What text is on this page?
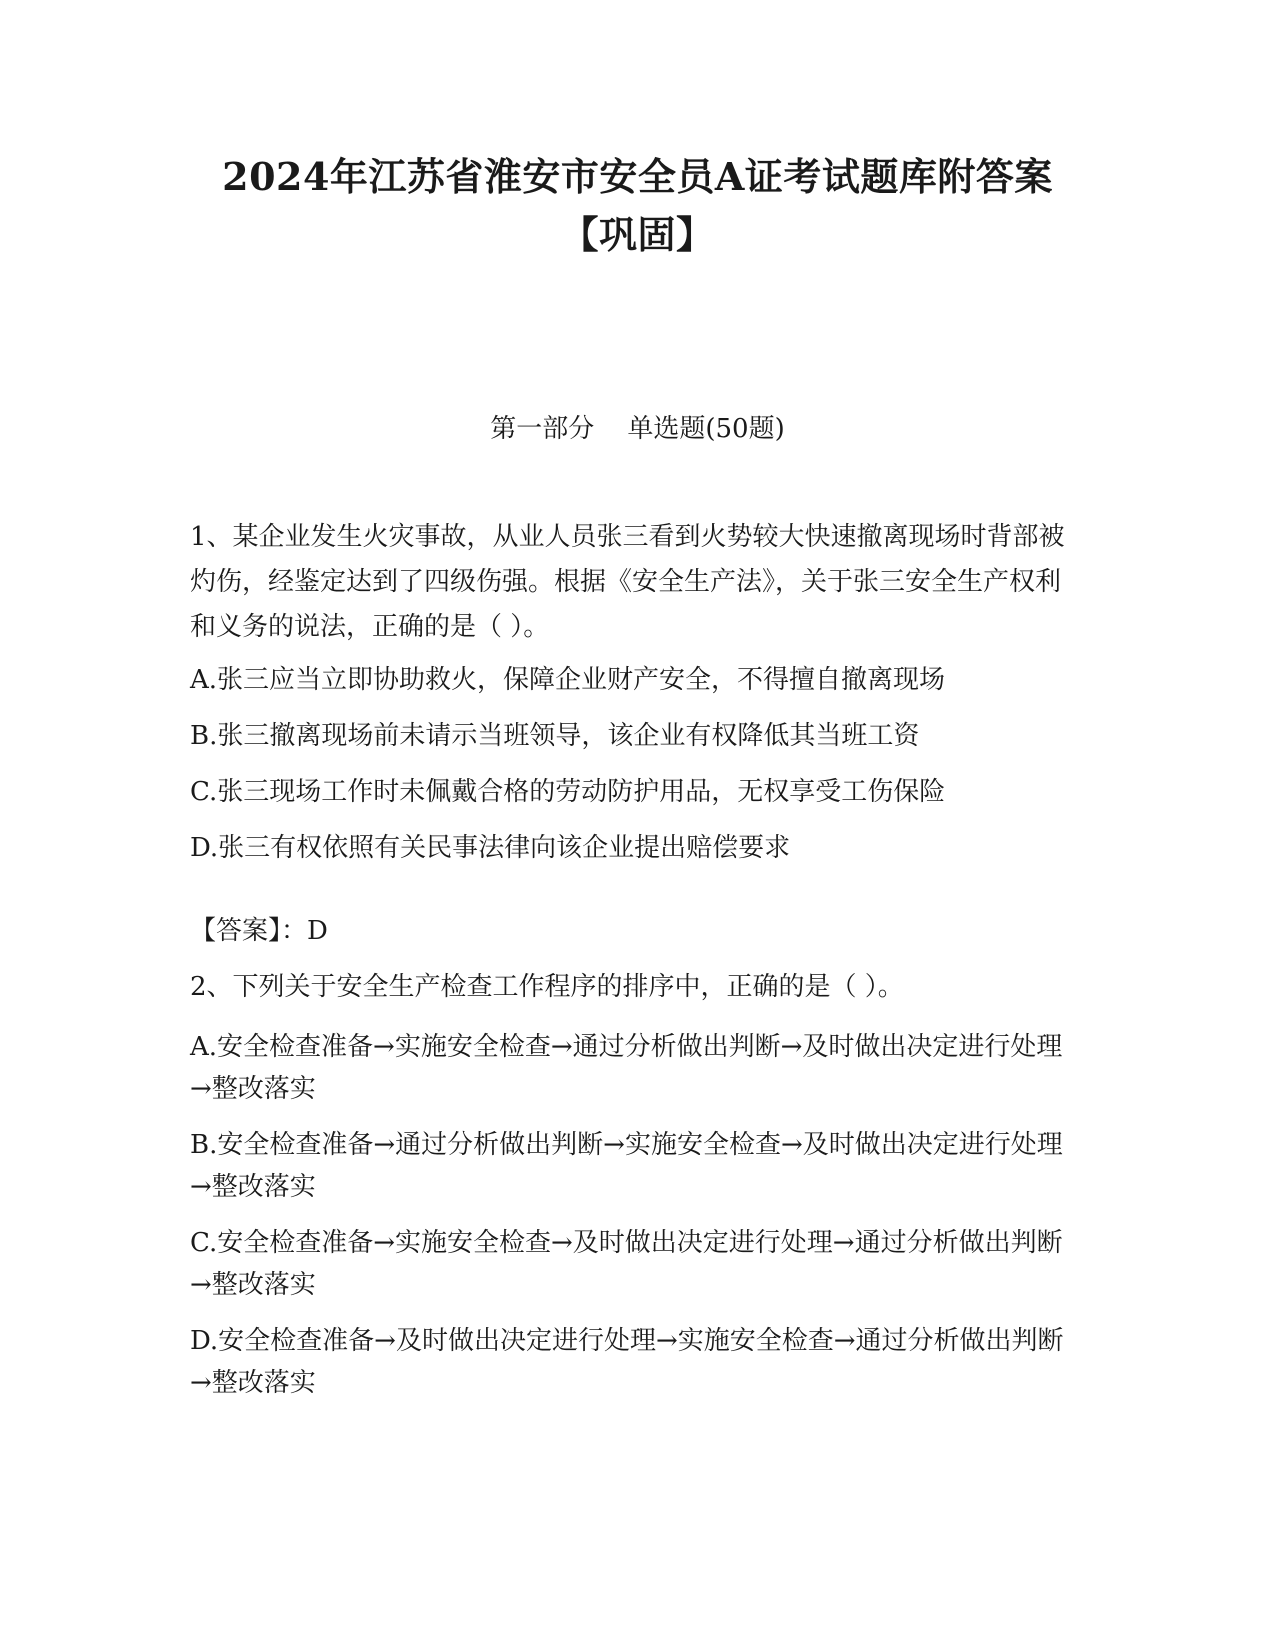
2024年江苏省淮安市安全员A证考试题库附答案
【巩固】
第一部分    单选题(50题)
1、某企业发生火灾事故，从业人员张三看到火势较大快速撤离现场时背部被灼伤，经鉴定达到了四级伤强。根据《安全生产法》，关于张三安全生产权利和义务的说法，正确的是（ ）。
A.张三应当立即协助救火，保障企业财产安全，不得擅自撤离现场
B.张三撤离现场前未请示当班领导，该企业有权降低其当班工资
C.张三现场工作时未佩戴合格的劳动防护用品，无权享受工伤保险
D.张三有权依照有关民事法律向该企业提出赔偿要求
【答案】：D
2、下列关于安全生产检查工作程序的排序中，正确的是（ ）。
A.安全检查准备→实施安全检查→通过分析做出判断→及时做出决定进行处理→整改落实
B.安全检查准备→通过分析做出判断→实施安全检查→及时做出决定进行处理→整改落实
C.安全检查准备→实施安全检查→及时做出决定进行处理→通过分析做出判断→整改落实
D.安全检查准备→及时做出决定进行处理→实施安全检查→通过分析做出判断→整改落实
